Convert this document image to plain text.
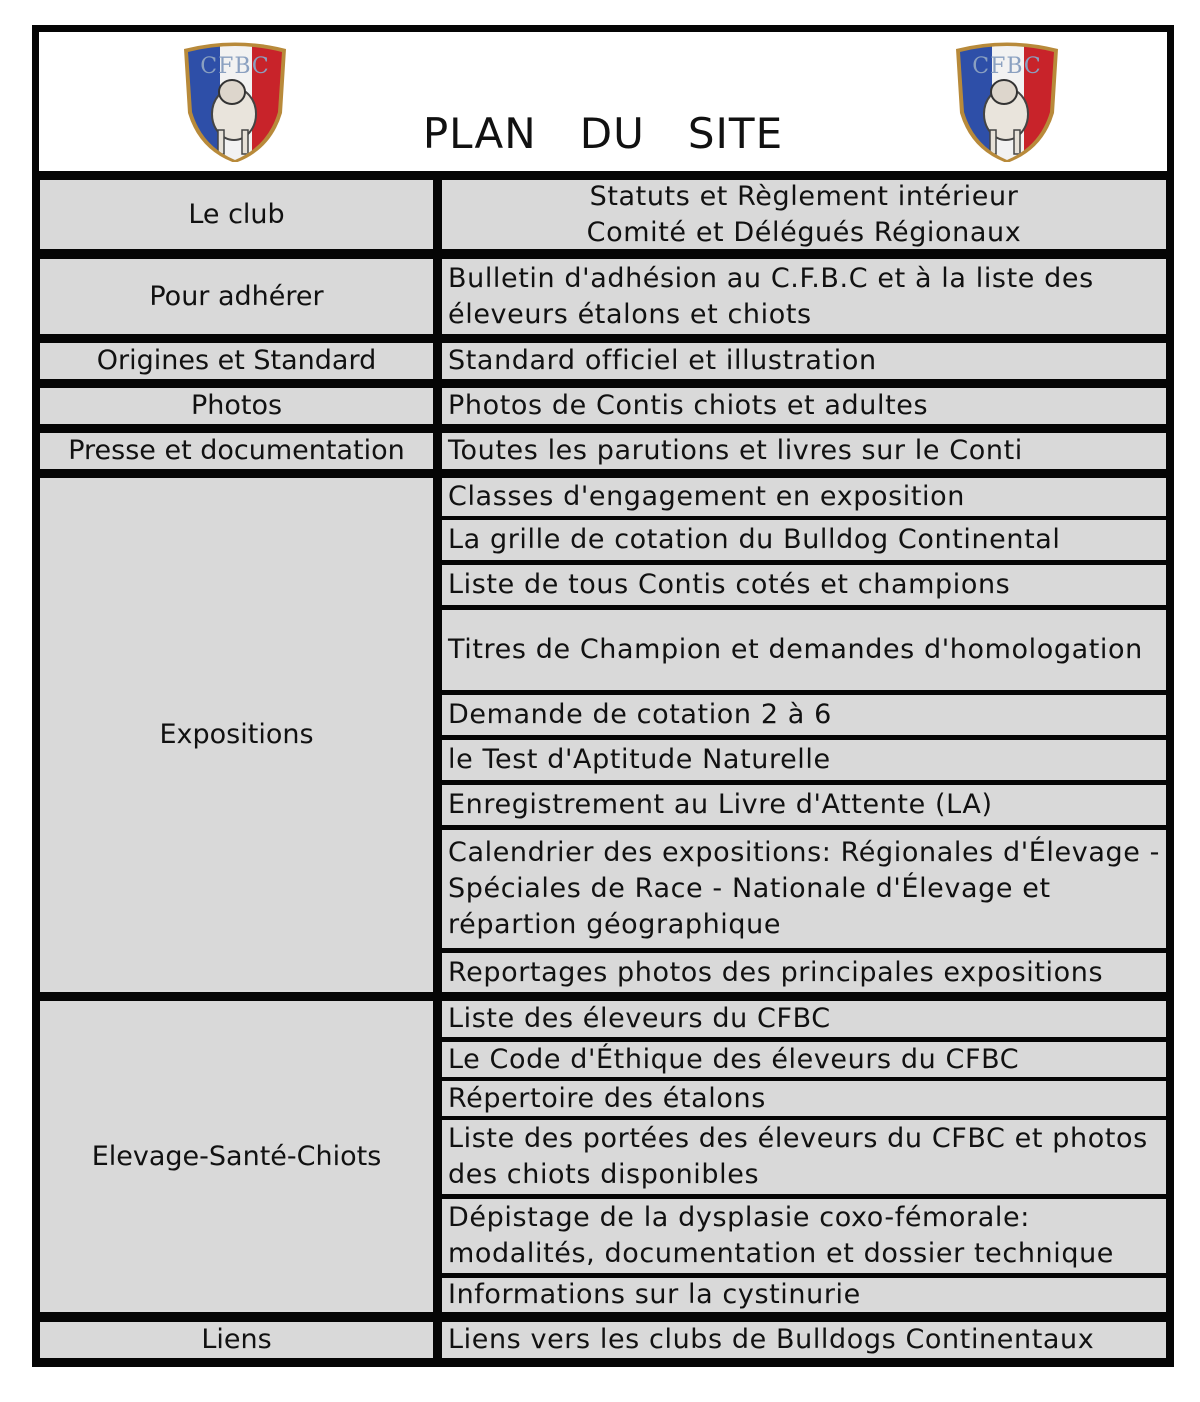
PLAN   DU   SITE
CFBC	CFBC
Le club
Pour adhérer
Origines et Standard
Photos
Presse et documentation
Expositions
Elevage-Santé-Chiots
Liens
Statuts et Règlement intérieur
Comité et Délégués Régionaux
Bulletin d'adhésion au C.F.B.C et à la liste des
éleveurs étalons et chiots
Standard officiel et illustration
Photos de Contis chiots et adultes
Toutes les parutions et livres sur le Conti
Classes d'engagement en exposition
La grille de cotation du Bulldog Continental
Liste de tous Contis cotés et champions
Titres de Champion et demandes d'homologation
Demande de cotation 2 à 6
le Test d'Aptitude Naturelle
Enregistrement au Livre d'Attente (LA)
Calendrier des expositions: Régionales d'Élevage -
Spéciales de Race - Nationale d'Élevage et
répartion géographique
Reportages photos des principales expositions
Liste des éleveurs du CFBC
Le Code d'Éthique des éleveurs du CFBC
Répertoire des étalons
Liste des portées des éleveurs du CFBC et photos
des chiots disponibles
Dépistage de la dysplasie coxo-fémorale:
modalités, documentation et dossier technique
Informations sur la cystinurie
Liens vers les clubs de Bulldogs Continentaux
